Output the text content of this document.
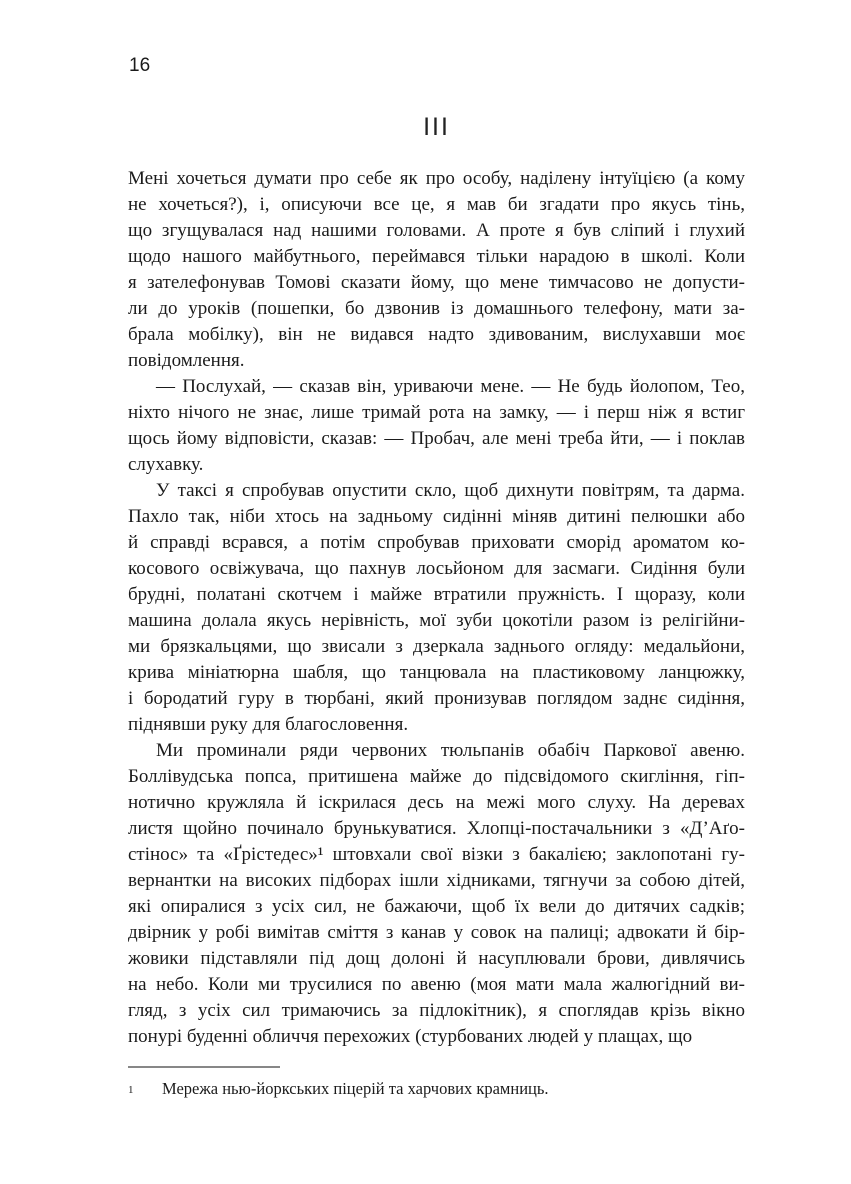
16
III
Мені хочеться думати про себе як про особу, наділену інтуїцією (а кому
не хочеться?), і, описуючи все це, я мав би згадати про якусь тінь,
що згущувалася над нашими головами. А проте я був сліпий і глухий
щодо нашого майбутнього, переймався тільки нарадою в школі. Коли
я зателефонував Томові сказати йому, що мене тимчасово не допусти-
ли до уроків (пошепки, бо дзвонив із домашнього телефону, мати за-
брала мобілку), він не видався надто здивованим, вислухавши моє
повідомлення.
— Послухай, — сказав він, уриваючи мене. — Не будь йолопом, Тео,
ніхто нічого не знає, лише тримай рота на замку, — і перш ніж я встиг
щось йому відповісти, сказав: — Пробач, але мені треба йти, — і поклав
слухавку.
У таксі я спробував опустити скло, щоб дихнути повітрям, та дарма.
Пахло так, ніби хтось на задньому сидінні міняв дитині пелюшки або
й справді всрався, а потім спробував приховати сморід ароматом ко-
косового освіжувача, що пахнув лосьйоном для засмаги. Сидіння були
брудні, полатані скотчем і майже втратили пружність. І щоразу, коли
машина долала якусь нерівність, мої зуби цокотіли разом із релігійни-
ми брязкальцями, що звисали з дзеркала заднього огляду: медальйони,
крива мініатюрна шабля, що танцювала на пластиковому ланцюжку,
і бородатий гуру в тюрбані, який пронизував поглядом заднє сидіння,
піднявши руку для благословення.
Ми проминали ряди червоних тюльпанів обабіч Паркової авеню.
Боллівудська попса, притишена майже до підсвідомого скигління, гіп-
нотично кружляла й іскрилася десь на межі мого слуху. На деревах
листя щойно починало брунькуватися. Хлопці-постачальники з «Д’Аґо-
стінос» та «Ґрістедес»¹ штовхали свої візки з бакалією; заклопотані гу-
вернантки на високих підборах ішли хідниками, тягнучи за собою дітей,
які опиралися з усіх сил, не бажаючи, щоб їх вели до дитячих садків;
двірник у робі вимітав сміття з канав у совок на палиці; адвокати й бір-
жовики підставляли під дощ долоні й насуплювали брови, дивлячись
на небо. Коли ми трусилися по авеню (моя мати мала жалюгідний ви-
гляд, з усіх сил тримаючись за підлокітник), я споглядав крізь вікно
понурі буденні обличчя перехожих (стурбованих людей у плащах, що
1 Мережа нью-йоркських піцерій та харчових крамниць.
